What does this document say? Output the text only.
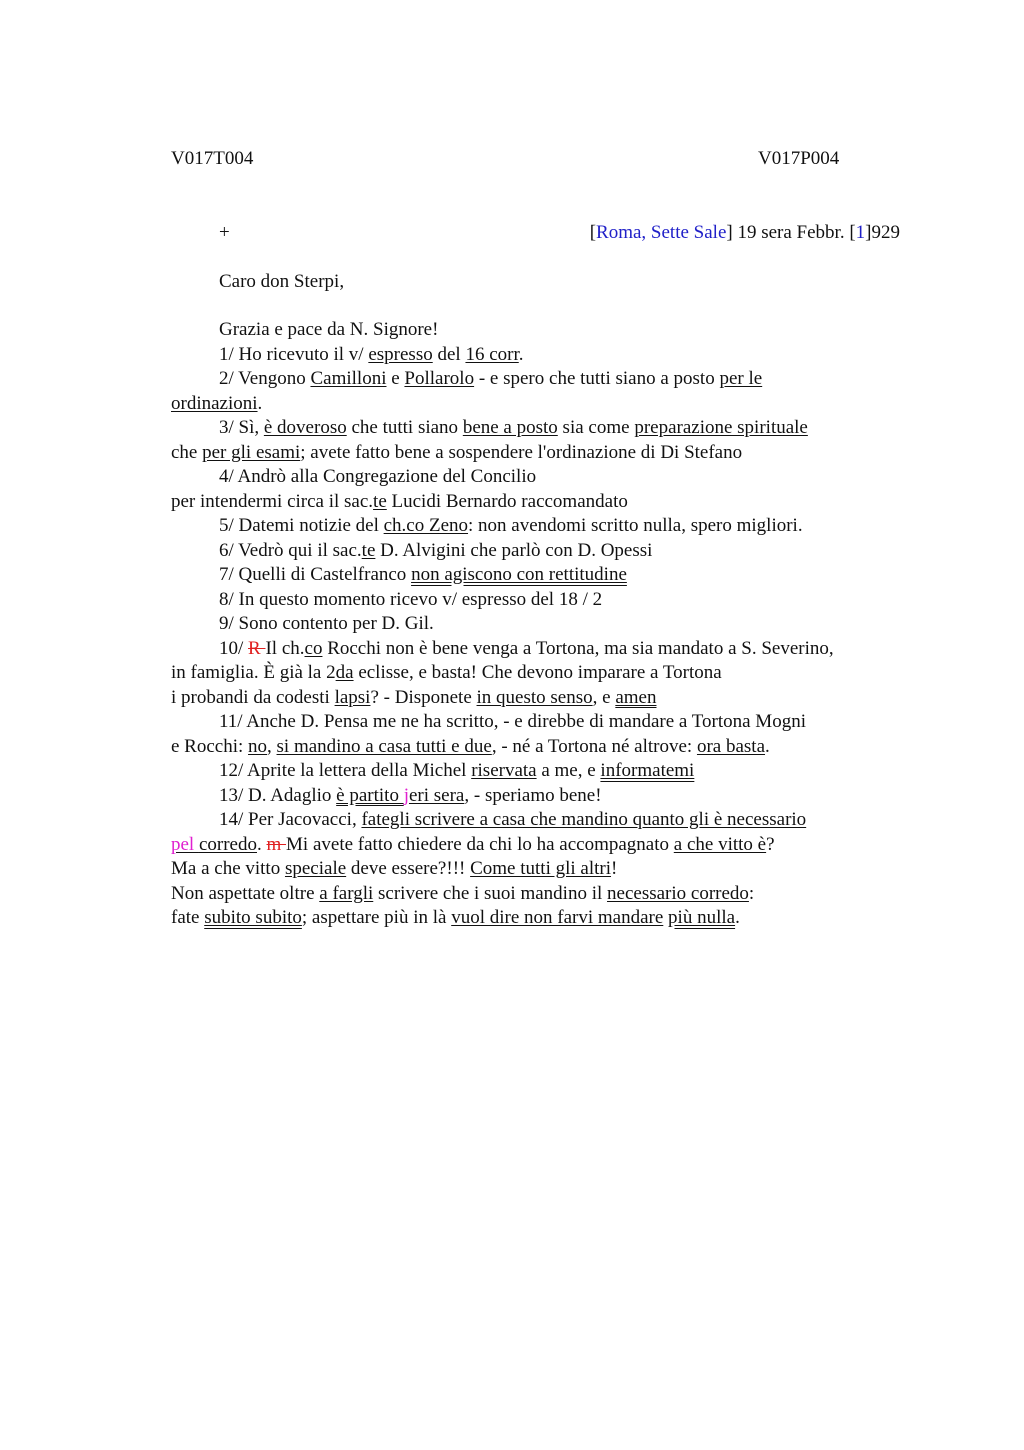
V017T004	V017P004
+	[Roma, Sette Sale] 19 sera Febbr. [1]929
Caro don Sterpi,
Grazia e pace da N. Signore!
1/ Ho ricevuto il v/ espresso del 16 corr.
2/ Vengono Camilloni e Pollarolo - e spero che tutti siano a posto per le
ordinazioni.
3/ Sì, è doveroso che tutti siano bene a posto sia come preparazione spirituale
che per gli esami; avete fatto bene a sospendere l'ordinazione di Di Stefano
4/ Andrò alla Congregazione del Concilio
per intendermi circa il sac.te Lucidi Bernardo raccomandato
5/ Datemi notizie del ch.co Zeno: non avendomi scritto nulla, spero migliori.
6/ Vedrò qui il sac.te D. Alvigini che parlò con D. Opessi
7/ Quelli di Castelfranco non agiscono con rettitudine
8/ In questo momento ricevo v/ espresso del 18 / 2
9/ Sono contento per D. Gil.
10/ R Il ch.co Rocchi non è bene venga a Tortona, ma sia mandato a S. Severino,
in famiglia. È già la 2da eclisse, e basta! Che devono imparare a Tortona
i probandi da codesti lapsi? - Disponete in questo senso, e amen
11/ Anche D. Pensa me ne ha scritto, - e direbbe di mandare a Tortona Mogni
e Rocchi: no, si mandino a casa tutti e due, - né a Tortona né altrove: ora basta.
12/ Aprite la lettera della Michel riservata a me, e informatemi
13/ D. Adaglio è partito jeri sera, - speriamo bene!
14/ Per Jacovacci, fategli scrivere a casa che mandino quanto gli è necessario
pel corredo. m Mi avete fatto chiedere da chi lo ha accompagnato a che vitto è?
Ma a che vitto speciale deve essere?!!! Come tutti gli altri!
Non aspettate oltre a fargli scrivere che i suoi mandino il necessario corredo:
fate subito subito; aspettare più in là vuol dire non farvi mandare più nulla.
